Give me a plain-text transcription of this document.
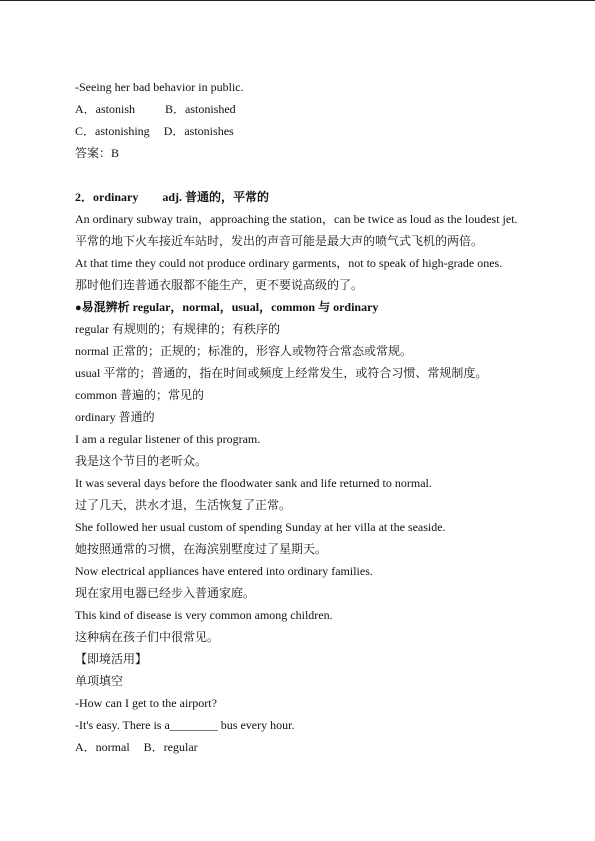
-Seeing her bad behavior in public.
A．astonish	B．astonished
C．astonishing D．astonishes
答案：B
2．ordinary adj. 普通的，平常的
An ordinary subway train，approaching the station，can be twice as loud as the loudest jet.
平常的地下火车接近车站时，发出的声音可能是最大声的喷气式飞机的两倍。
At that time they could not produce ordinary garments，not to speak of high-grade ones.
那时他们连普通衣服都不能生产，更不要说高级的了。
●易混辨析 regular，normal，usual，common 与 ordinary
regular 有规则的；有规律的；有秩序的
normal 正常的；正规的；标准的，形容人或物符合常态或常规。
usual 平常的；普通的，指在时间或频度上经常发生，或符合习惯、常规制度。
common 普遍的；常见的
ordinary 普通的
I am a regular listener of this program.
我是这个节目的老听众。
It was several days before the floodwater sank and life returned to normal.
过了几天，洪水才退，生活恢复了正常。
She followed her usual custom of spending Sunday at her villa at the seaside.
她按照通常的习惯，在海滨别墅度过了星期天。
Now electrical appliances have entered into ordinary families.
现在家用电器已经步入普通家庭。
This kind of disease is very common among children.
这种病在孩子们中很常见。
【即境活用】
单项填空
-How can I get to the airport?
-It's easy. There is a________ bus every hour.
A．normal B．regular
